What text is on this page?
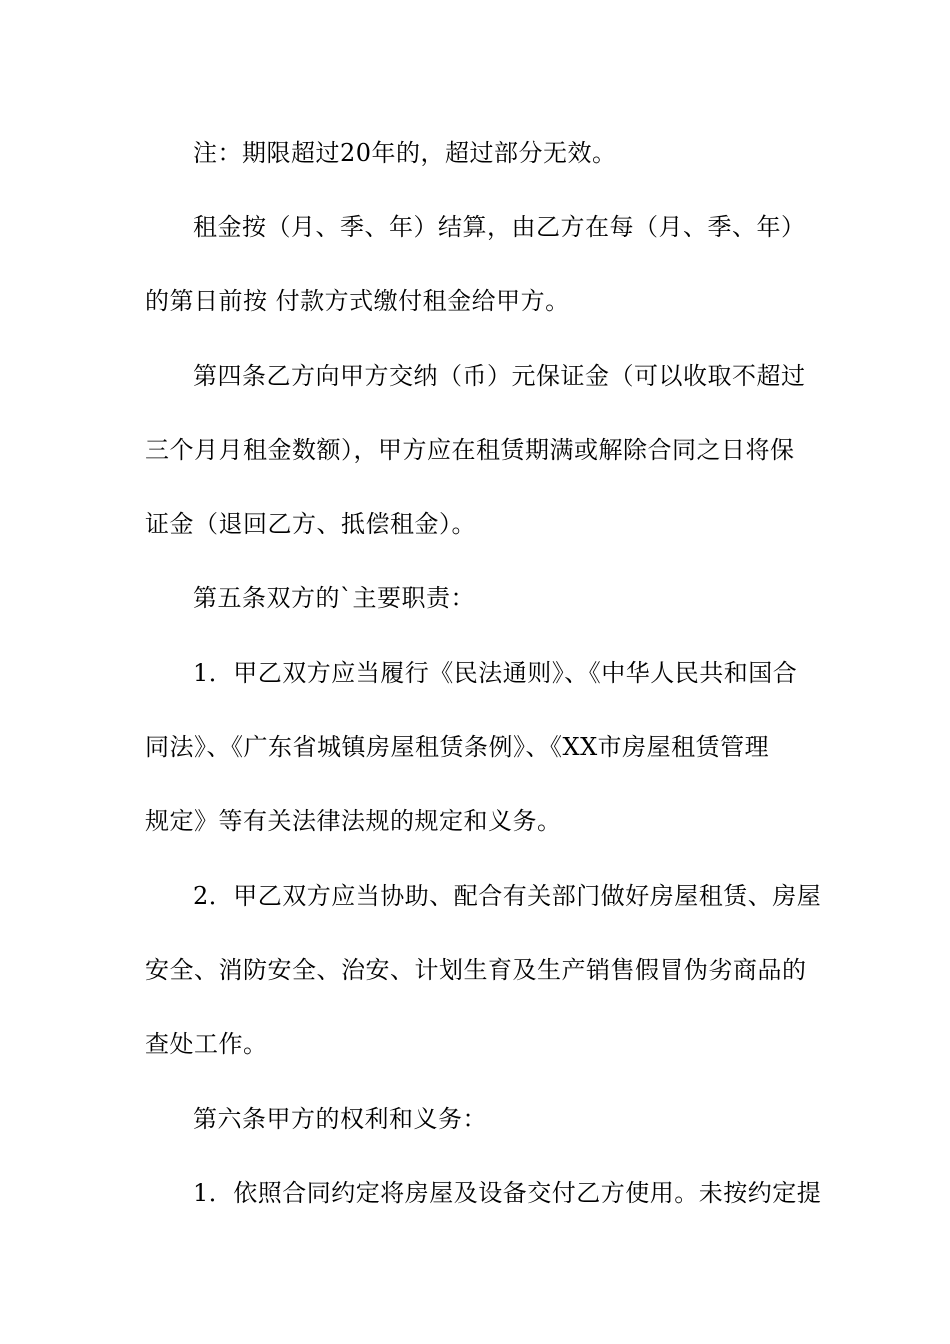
注：期限超过20年的，超过部分无效。
租金按（月、季、年）结算，由乙方在每（月、季、年）
的第日前按 付款方式缴付租金给甲方。
第四条乙方向甲方交纳（币）元保证金（可以收取不超过
三个月月租金数额），甲方应在租赁期满或解除合同之日将保
证金（退回乙方、抵偿租金）。
第五条双方的`主要职责：
1．甲乙双方应当履行《民法通则》、《中华人民共和国合
同法》、《广东省城镇房屋租赁条例》、《XX市房屋租赁管理
规定》等有关法律法规的规定和义务。
2．甲乙双方应当协助、配合有关部门做好房屋租赁、房屋
安全、消防安全、治安、计划生育及生产销售假冒伪劣商品的
查处工作。
第六条甲方的权利和义务：
1．依照合同约定将房屋及设备交付乙方使用。未按约定提
